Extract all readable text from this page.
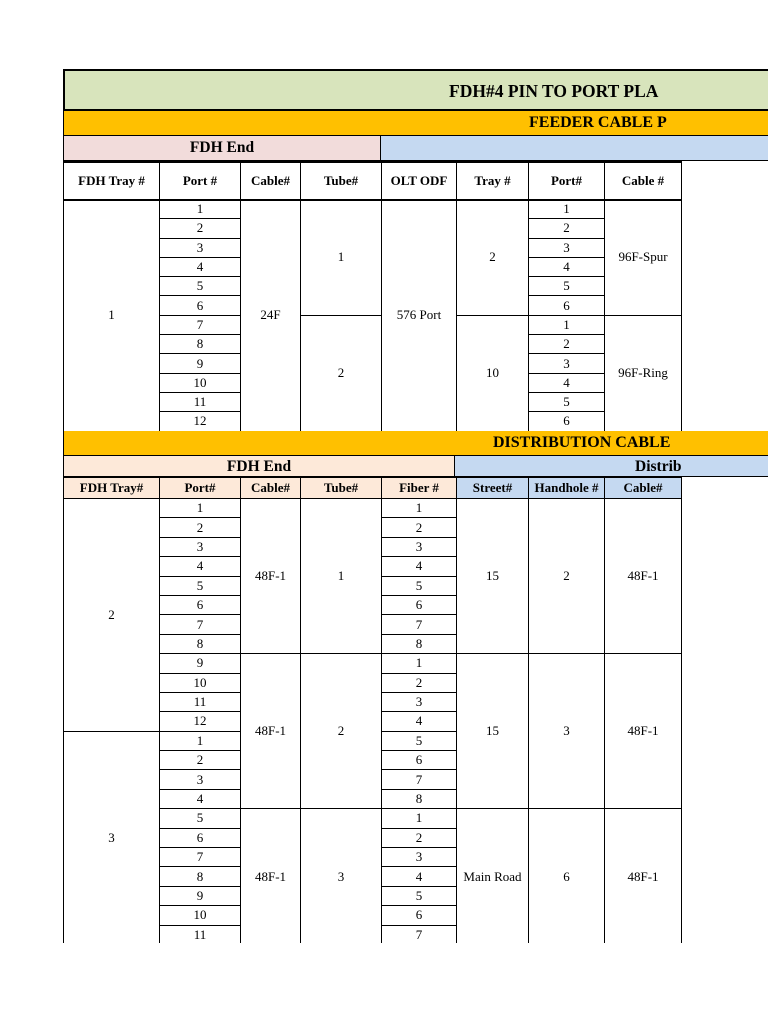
FDH#4 PIN TO PORT PLA
FEEDER CABLE P
FDH End
FDH Tray #	Port #	Cable#	Tube#	OLT ODF	Tray #	Port#	Cable #
1	1	24F	1	576 Port	2	1	96F-Spur
	2					2	
	3					3	
	4					4	
	5					5	
	6					6	
	7		2		10	1	96F-Ring
	8					2	
	9					3	
	10					4	
	11					5	
	12					6	
DISTRIBUTION CABLE
FDH End	Distrib
FDH Tray#	Port#	Cable#	Tube#	Fiber #	Street#	Handhole #	Cable#
2	1	48F-1	1	1	15	2	48F-1
	2			2			
	3			3			
	4			4			
	5			5			
	6			6			
	7			7			
	8			8			
	9	48F-1	2	1	15	3	48F-1
	10			2			
	11			3			
	12			4			
3	1			5			
	2			6			
	3			7			
	4			8			
	5	48F-1	3	1	Main Road	6	48F-1
	6			2			
	7			3			
	8			4			
	9			5			
	10			6			
	11			7			
